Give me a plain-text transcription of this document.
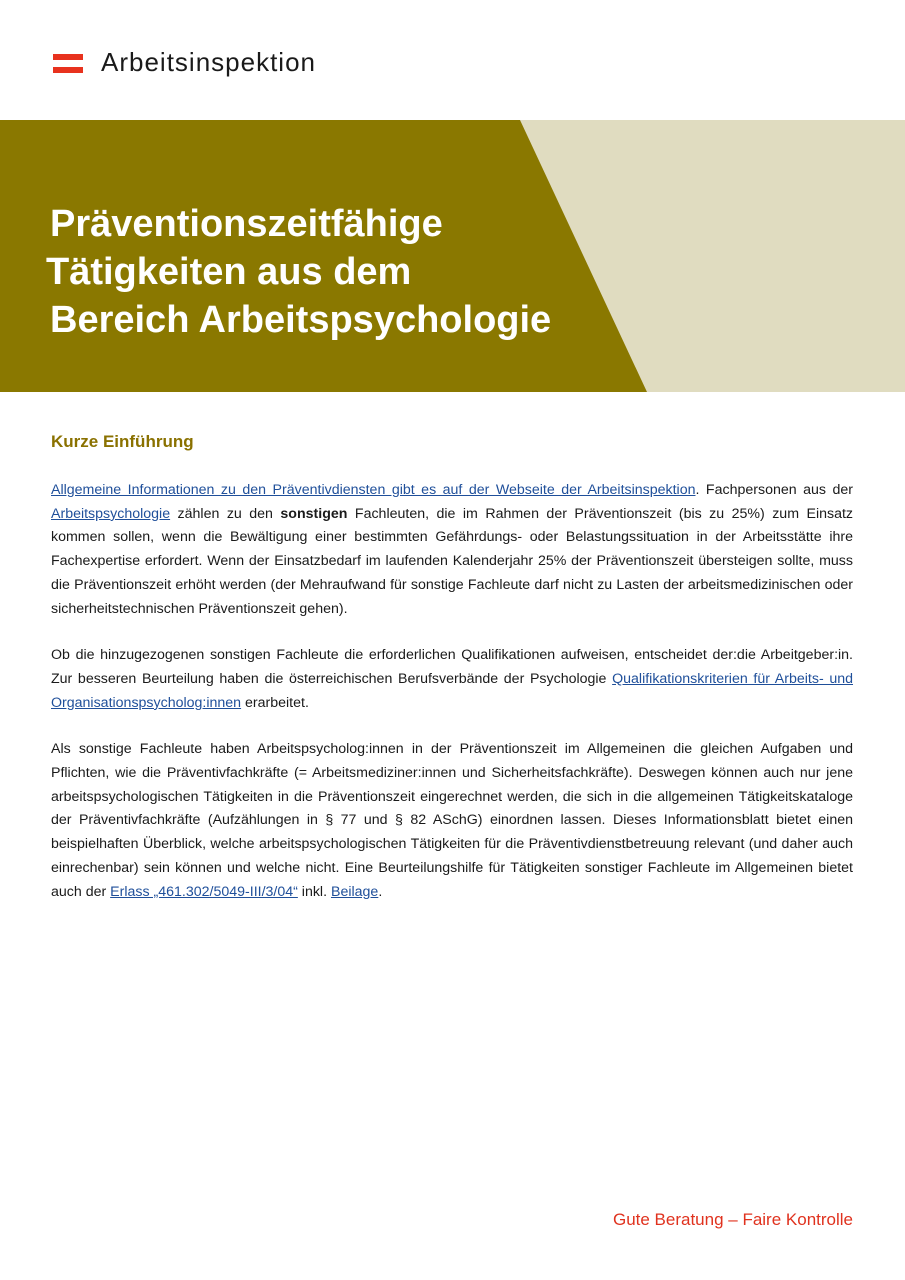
Arbeitsinspektion
Präventionszeitfähige
Tätigkeiten aus dem
Bereich Arbeitspsychologie
Kurze Einführung

Allgemeine Informationen zu den Präventivdiensten gibt es auf der Webseite der Arbeitsinspektion. Fachpersonen aus der Arbeitspsychologie zählen zu den sonstigen Fachleuten, die im Rahmen der Präventionszeit (bis zu 25%) zum Einsatz kommen sollen, wenn die Bewältigung einer bestimmten Gefährdungs- oder Belastungssituation in der Arbeitsstätte ihre Fachexpertise erfordert. Wenn der Einsatzbedarf im laufenden Kalenderjahr 25% der Präventionszeit übersteigen sollte, muss die Präventionszeit erhöht werden (der Mehraufwand für sonstige Fachleute darf nicht zu Lasten der arbeitsmedizinischen oder sicherheitstechnischen Präventionszeit gehen).

Ob die hinzugezogenen sonstigen Fachleute die erforderlichen Qualifikationen aufweisen, entscheidet der:die Arbeitgeber:in. Zur besseren Beurteilung haben die österreichischen Berufsverbände der Psychologie Qualifikationskriterien für Arbeits- und Organisationspsycholog:innen erarbeitet.

Als sonstige Fachleute haben Arbeitspsycholog:innen in der Präventionszeit im Allgemeinen die gleichen Aufgaben und Pflichten, wie die Präventivfachkräfte (= Arbeitsmediziner:innen und Sicherheitsfachkräfte). Deswegen können auch nur jene arbeitspsychologischen Tätigkeiten in die Präventionszeit eingerechnet werden, die sich in die allgemeinen Tätigkeitskataloge der Präventivfachkräfte (Aufzählungen in § 77 und § 82 ASchG) einordnen lassen. Dieses Informationsblatt bietet einen beispielhaften Überblick, welche arbeitspsychologischen Tätigkeiten für die Präventivdienstbetreuung relevant (und daher auch einrechenbar) sein können und welche nicht. Eine Beurteilungshilfe für Tätigkeiten sonstiger Fachleute im Allgemeinen bietet auch der Erlass „461.302/5049-III/3/04“ inkl. Beilage.

Gute Beratung – Faire Kontrolle
